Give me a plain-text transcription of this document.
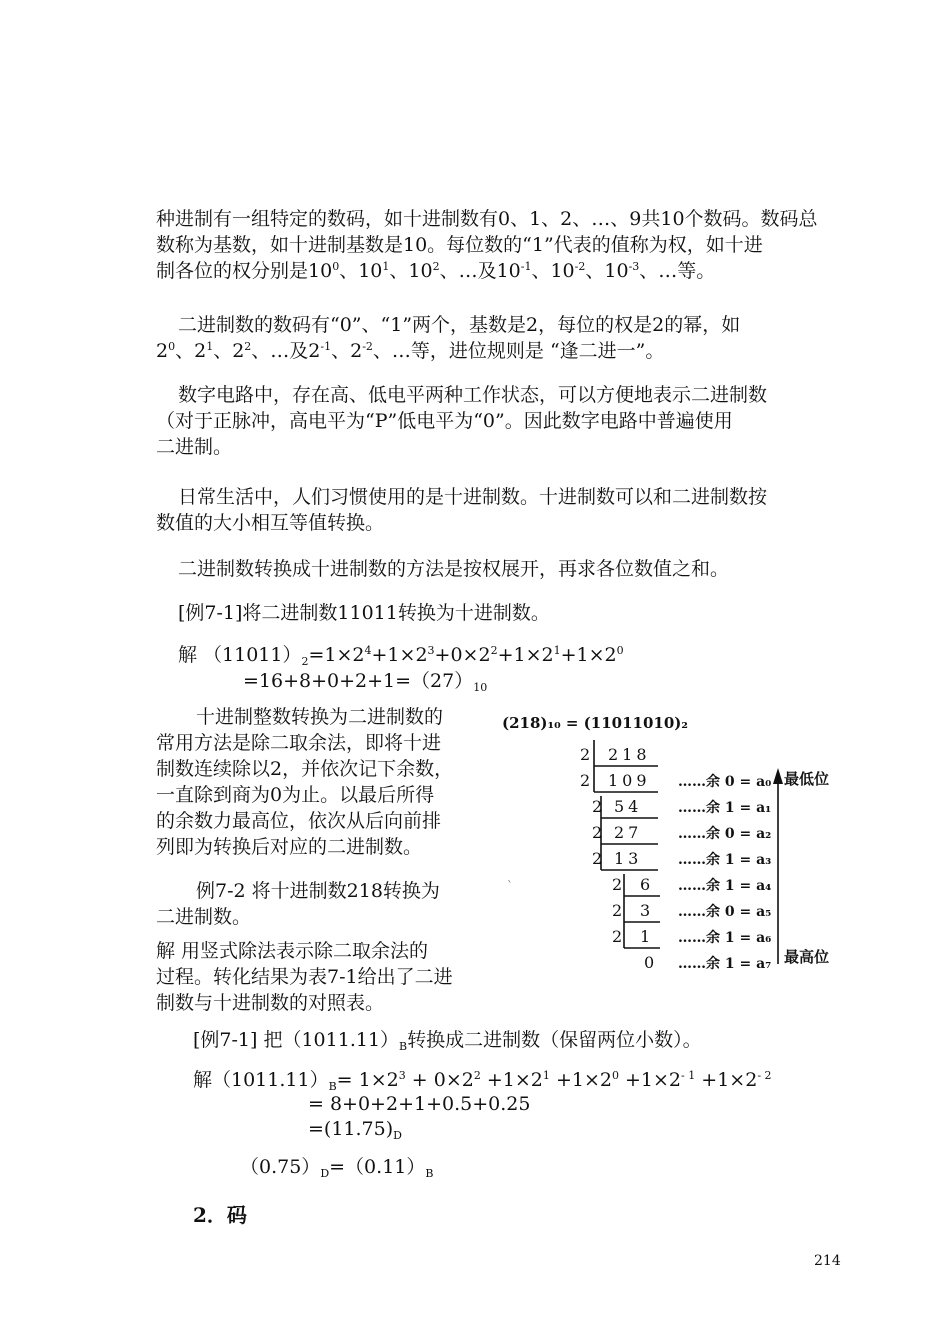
种进制有一组特定的数码，如十进制数有0、1、2、…、9共10个数码。数码总
数称为基数，如十进制基数是10。每位数的“1”代表的值称为权，如十进
制各位的权分别是$10^0$、$10^1$、$10^2$、…及$10^{-1}$、$10^{-2}$、$10^{-3}$、…等。
二进制数的数码有“0”、“1”两个，基数是2，每位的权是2的幂，如
$2^0$、$2^1$、$2^2$、…及$2^{-1}$、$2^{-2}$、…等，进位规则是 “逢二进一”。
数字电路中，存在高、低电平两种工作状态，可以方便地表示二进制数
（对于正脉冲，高电平为“P”低电平为“0”。因此数字电路中普遍使用
二进制。
日常生活中，人们习惯使用的是十进制数。十进制数可以和二进制数按
数值的大小相互等值转换。
二进制数转换成十进制数的方法是按权展开，再求各位数值之和。
[例7-1]将二进制数11011转换为十进制数。
解 $(11011)_2=1\times 2^4+1\times 2^3+0\times 2^2+1\times 2^1+1\times 2^0$
$=16+8+0+2+1=(27)_{10}$
十进制整数转换为二进制数的
常用方法是除二取余法，即将十进
制数连续除以2，并依次记下余数，
一直除到商为0为止。以最后所得
的余数力最高位，依次从后向前排
列即为转换后对应的二进制数。
例7-2 将十进制数218转换为
二进制数。
解 用竖式除法表示除二取余法的
过程。转化结果为表7-1给出了二进
制数与十进制数的对照表。
(218)₁₀ = (11011010)₂
2 218
2 109 ……余 0 = a₀
2 54	……余 1 = a₁
2 27	……余 0 = a₂
2 13	……余 1 = a₃
2 6 ……余 1 = a₄
2 3 ……余 0 = a₅
2 1 ……余 1 = a₆
0 ……余 1 = a₇
最低位
最高位
`
[例7-1] 把$(1011.11)_B$转换成二进制数（保留两位小数）。
解$(1011.11)_B= 1\times 2^3 + 0\times 2^2 +1\times 2^1 +1\times 2^0 +1\times 2^{- 1} +1\times 2^{- 2}$
= 8+0+2+1+0.5+0.25
$=(11.75)_D$
$(0.75)_D=(0.11)_B$
2．码
214
